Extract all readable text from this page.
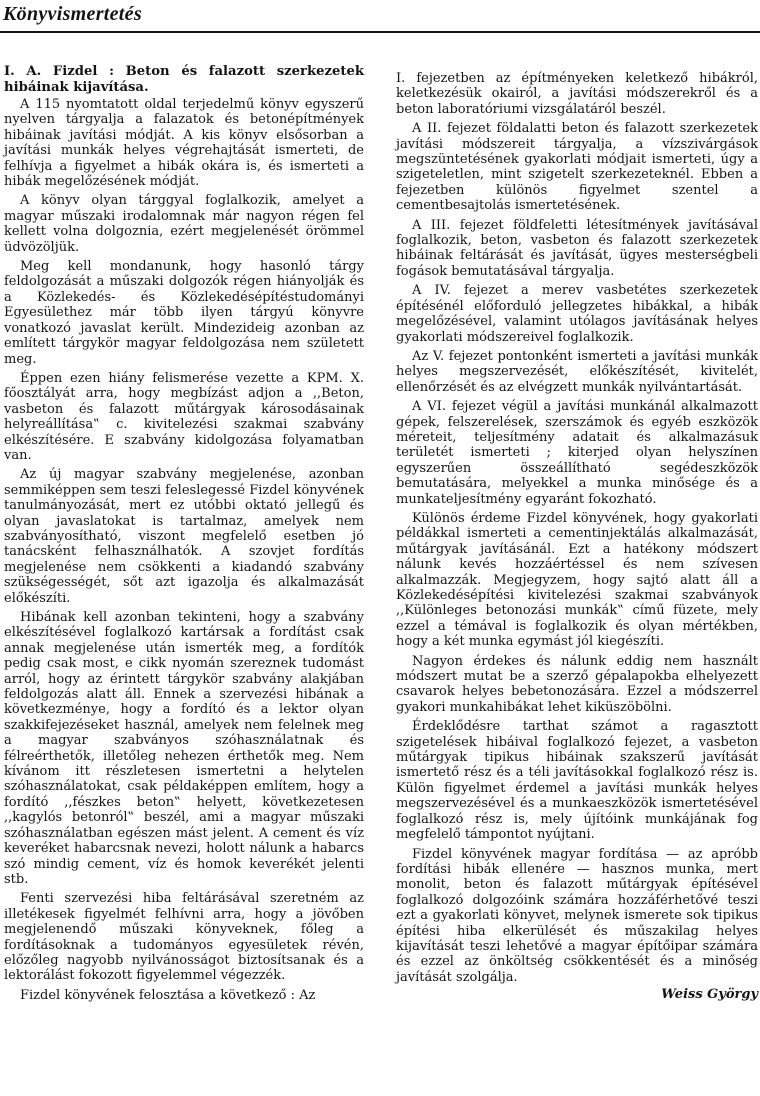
Könyvismertetés
I. A. Fizdel : Beton és falazott szerkezetek hibáinak kijavítása.

A 115 nyomtatott oldal terjedelmű könyv egyszerű nyelven tárgyalja a falazatok és betonépítmények hibáinak javítási módját. A kis könyv elsősorban a javítási munkák helyes végrehajtását ismerteti, de felhívja a figyelmet a hibák okára is, és ismerteti a hibák megelőzésének módját.

A könyv olyan tárggyal foglalkozik, amelyet a magyar műszaki irodalomnak már nagyon régen fel kellett volna dolgoznia, ezért megjelenését örömmel üdvözöljük.

Meg kell mondanunk, hogy hasonló tárgy feldolgozását a műszaki dolgozók régen hiányolják és a Közlekedés- és Közlekedésépítéstudományi Egyesülethez már több ilyen tárgyú könyvre vonatkozó javaslat került. Mindezideig azonban az említett tárgykör magyar feldolgozása nem született meg.

Éppen ezen hiány felismerése vezette a KPM. X. főosztályát arra, hogy megbízást adjon a ,,Beton, vasbeton és falazott műtárgyak károsodásainak helyreállítása‟ c. kivitelezési szakmai szabvány elkészítésére. E szabvány kidolgozása folyamatban van.

Az új magyar szabvány megjelenése, azonban semmiképpen sem teszi feleslegessé Fizdel könyvének tanulmányozását, mert ez utóbbi oktató jellegű és olyan javaslatokat is tartalmaz, amelyek nem szabványosítható, viszont megfelelő esetben jó tanácsként felhasználhatók. A szovjet fordítás megjelenése nem csökkenti a kiadandó szabvány szükségességét, sőt azt igazolja és alkalmazását előkészíti.

Hibának kell azonban tekinteni, hogy a szabvány elkészítésével foglalkozó kartársak a fordítást csak annak megjelenése után ismerték meg, a fordítók pedig csak most, e cikk nyomán szereznek tudomást arról, hogy az érintett tárgykör szabvány alakjában feldolgozás alatt áll. Ennek a szervezési hibának a következménye, hogy a fordító és a lektor olyan szakkifejezéseket használ, amelyek nem felelnek meg a magyar szabványos szóhasználatnak és félreérthetők, illetőleg nehezen érthetők meg. Nem kívánom itt részletesen ismertetni a helytelen szóhasználatokat, csak példaképpen említem, hogy a fordító ,,fészkes beton‟ helyett, következetesen ,,kagylós betonról‟ beszél, ami a magyar műszaki szóhasználatban egészen mást jelent. A cement és víz keveréket habarcsnak nevezi, holott nálunk a habarcs szó mindig cement, víz és homok keverékét jelenti stb.

Fenti szervezési hiba feltárásával szeretném az illetékesek figyelmét felhívni arra, hogy a jövőben megjelenendő műszaki könyveknek, főleg a fordításoknak a tudományos egyesületek révén, előzőleg nagyobb nyilvánosságot biztosítsanak és a lektorálást fokozott figyelemmel végezzék.

Fizdel könyvének felosztása a következő : Az

I. fejezetben az építményeken keletkező hibákról, keletkezésük okairól, a javítási módszerekről és a beton laboratóriumi vizsgálatáról beszél.

A II. fejezet földalatti beton és falazott szerkezetek javítási módszereit tárgyalja, a vízszivárgások megszüntetésének gyakorlati módjait ismerteti, úgy a szigeteletlen, mint szigetelt szerkezeteknél. Ebben a fejezetben különös figyelmet szentel a cementbesajtolás ismertetésének.

A III. fejezet földfeletti létesítmények javításával foglalkozik, beton, vasbeton és falazott szerkezetek hibáinak feltárását és javítását, ügyes mesterségbeli fogások bemutatásával tárgyalja.

A IV. fejezet a merev vasbetétes szerkezetek építésénél előforduló jellegzetes hibákkal, a hibák megelőzésével, valamint utólagos javításának helyes gyakorlati módszereivel foglalkozik.

Az V. fejezet pontonként ismerteti a javítási munkák helyes megszervezését, előkészítését, kivitelét, ellenőrzését és az elvégzett munkák nyilvántartását.

A VI. fejezet végül a javítási munkánál alkalmazott gépek, felszerelések, szerszámok és egyéb eszközök méreteit, teljesítmény adatait és alkalmazásuk területét ismerteti ; kiterjed olyan helyszínen egyszerűen összeállítható segédeszközök bemutatására, melyekkel a munka minősége és a munkateljesítmény egyaránt fokozható.

Különös érdeme Fizdel könyvének, hogy gyakorlati példákkal ismerteti a cementinjektálás alkalmazását, műtárgyak javításánál. Ezt a hatékony módszert nálunk kevés hozzáértéssel és nem szívesen alkalmazzák. Megjegyzem, hogy sajtó alatt áll a Közlekedésépítési kivitelezési szakmai szabványok ,,Különleges betonozási munkák‟ című füzete, mely ezzel a témával is foglalkozik és olyan mértékben, hogy a két munka egymást jól kiegészíti.

Nagyon érdekes és nálunk eddig nem használt módszert mutat be a szerző gépalapokba elhelyezett csavarok helyes bebetonozására. Ezzel a módszerrel gyakori munkahibákat lehet kiküszöbölni.

Érdeklődésre tarthat számot a ragasztott szigetelések hibáival foglalkozó fejezet, a vasbeton műtárgyak tipikus hibáinak szakszerű javítását ismertető rész és a téli javításokkal foglalkozó rész is. Külön figyelmet érdemel a javítási munkák helyes megszervezésével és a munkaeszközök ismertetésével foglalkozó rész is, mely újítóink munkájának fog megfelelő támpontot nyújtani.

Fizdel könyvének magyar fordítása — az apróbb fordítási hibák ellenére — hasznos munka, mert monolit, beton és falazott műtárgyak építésével foglalkozó dolgozóink számára hozzáférhetővé teszi ezt a gyakorlati könyvet, melynek ismerete sok tipikus építési hiba elkerülését és műszakilag helyes kijavítását teszi lehetővé a magyar építőipar számára és ezzel az önköltség csökkentését és a minőség javítását szolgálja.

Weiss György
